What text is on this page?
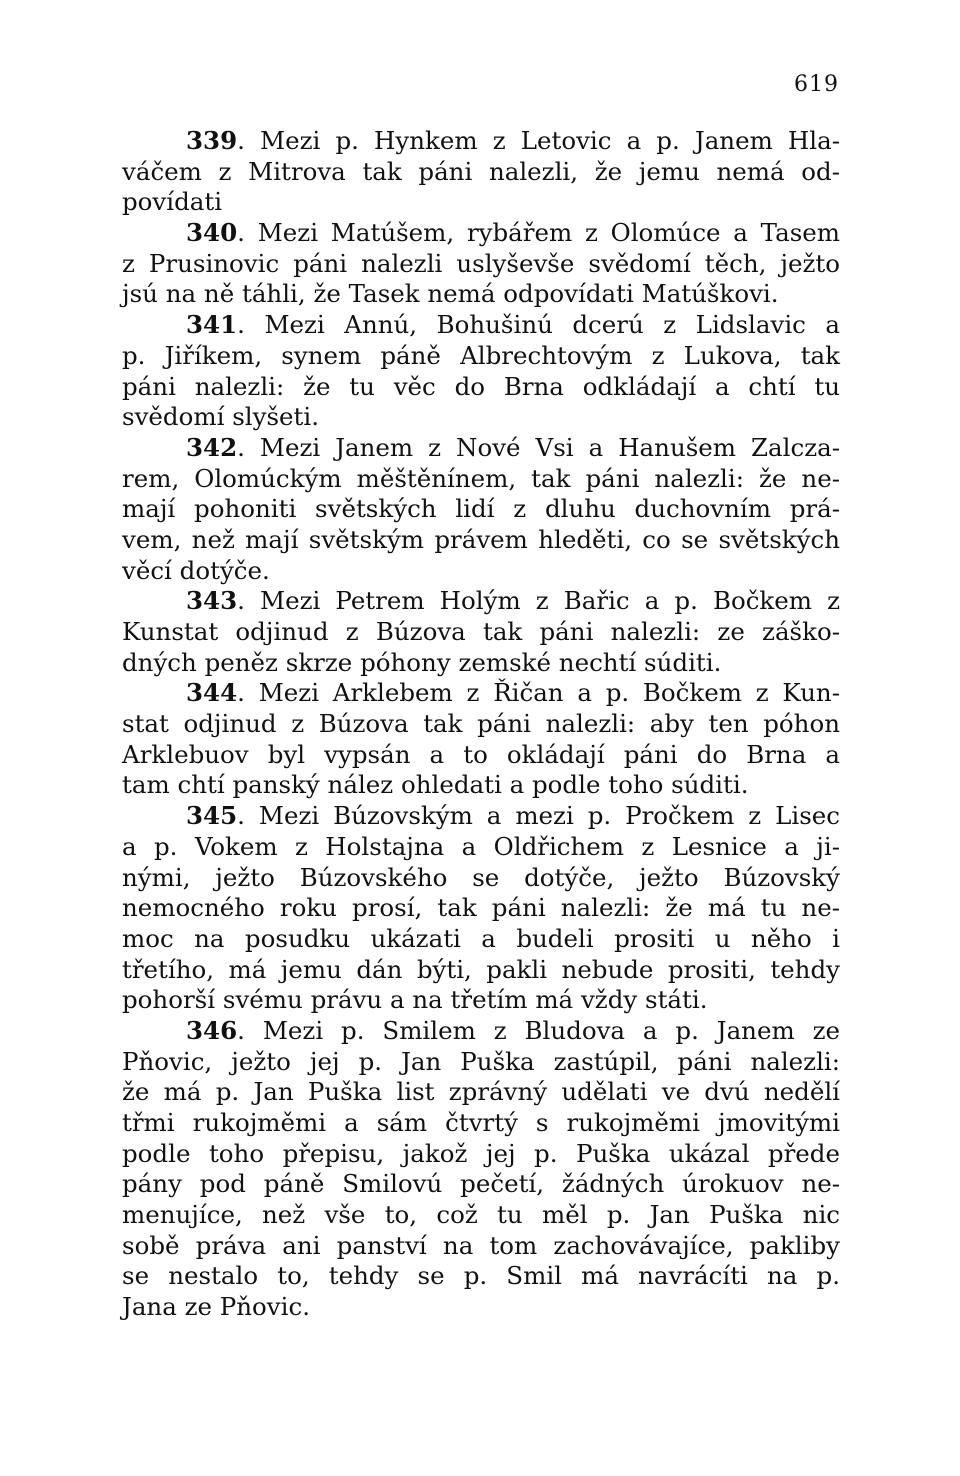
619
339. Mezi p. Hynkem z Letovic a p. Janem Hla-
váčem z Mitrova tak páni nalezli, že jemu nemá od-
povídati
340. Mezi Matúšem, rybářem z Olomúce a Tasem
z Prusinovic páni nalezli uslyševše svědomí těch, ježto
jsú na ně táhli, že Tasek nemá odpovídati Matúškovi.
341. Mezi Annú, Bohušinú dcerú z Lidslavic a
p. Jiříkem, synem páně Albrechtovým z Lukova, tak
páni nalezli: že tu věc do Brna odkládají a chtí tu
svědomí slyšeti.
342. Mezi Janem z Nové Vsi a Hanušem Zalcza-
rem, Olomúckým měštěnínem, tak páni nalezli: že ne-
mají pohoniti světských lidí z dluhu duchovním prá-
vem, než mají světským právem hleděti, co se světských
věcí dotýče.
343. Mezi Petrem Holým z Bařic a p. Bočkem z
Kunstat odjinud z Búzova tak páni nalezli: ze záško-
dných peněz skrze póhony zemské nechtí súditi.
344. Mezi Arklebem z Řičan a p. Bočkem z Kun-
stat odjinud z Búzova tak páni nalezli: aby ten póhon
Arklebuov byl vypsán a to okládají páni do Brna a
tam chtí panský nález ohledati a podle toho súditi.
345. Mezi Búzovským a mezi p. Pročkem z Lisec
a p. Vokem z Holstajna a Oldřichem z Lesnice a ji-
nými, ježto Búzovského se dotýče, ježto Búzovský
nemocného roku prosí, tak páni nalezli: že má tu ne-
moc na posudku ukázati a budeli prositi u něho i
třetího, má jemu dán býti, pakli nebude prositi, tehdy
pohorší svému právu a na třetím má vždy státi.
346. Mezi p. Smilem z Bludova a p. Janem ze
Pňovic, ježto jej p. Jan Puška zastúpil, páni nalezli:
že má p. Jan Puška list zprávný udělati ve dvú nedělí
třmi rukojměmi a sám čtvrtý s rukojměmi jmovitými
podle toho přepisu, jakož jej p. Puška ukázal přede
pány pod páně Smilovú pečetí, žádných úrokuov ne-
menujíce, než vše to, což tu měl p. Jan Puška nic
sobě práva ani panství na tom zachovávajíce, pakliby
se nestalo to, tehdy se p. Smil má navrácíti na p.
Jana ze Pňovic.
